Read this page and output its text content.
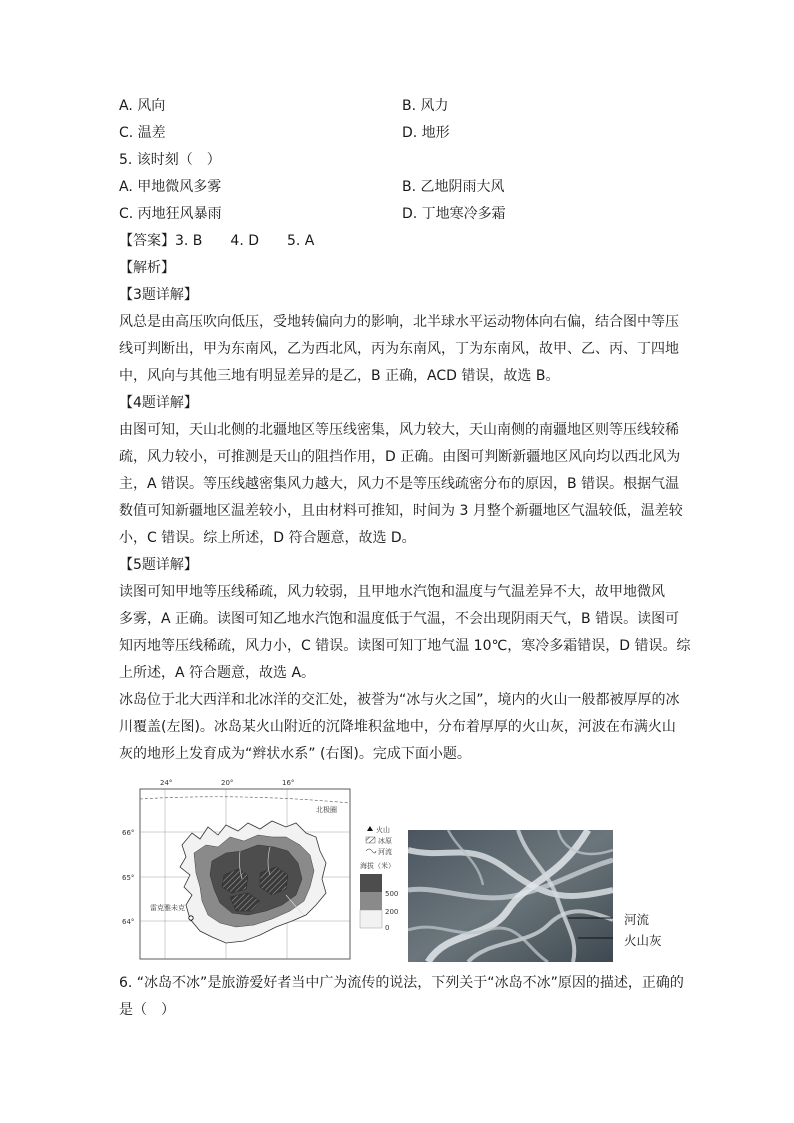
A. 风向	B. 风力
C. 温差	D. 地形
5. 该时刻（　）
A. 甲地微风多雾	B. 乙地阴雨大风
C. 丙地狂风暴雨	D. 丁地寒冷多霜
【答案】3. B　　4. D　　5. A
【解析】
【3题详解】
风总是由高压吹向低压，受地转偏向力的影响，北半球水平运动物体向右偏，结合图中等压
线可判断出，甲为东南风，乙为西北风，丙为东南风，丁为东南风，故甲、乙、丙、丁四地
中，风向与其他三地有明显差异的是乙，B 正确，ACD 错误，故选 B。
【4题详解】
由图可知，天山北侧的北疆地区等压线密集，风力较大，天山南侧的南疆地区则等压线较稀
疏，风力较小，可推测是天山的阻挡作用，D 正确。由图可判断新疆地区风向均以西北风为
主，A 错误。等压线越密集风力越大，风力不是等压线疏密分布的原因，B 错误。根据气温
数值可知新疆地区温差较小，且由材料可推知，时间为 3 月整个新疆地区气温较低，温差较
小，C 错误。综上所述，D 符合题意，故选 D。
【5题详解】
读图可知甲地等压线稀疏，风力较弱，且甲地水汽饱和温度与气温差异不大，故甲地微风
多雾，A 正确。读图可知乙地水汽饱和温度低于气温，不会出现阴雨天气，B 错误。读图可
知丙地等压线稀疏，风力小，C 错误。读图可知丁地气温 10℃，寒冷多霜错误，D 错误。综
上所述，A 符合题意，故选 A。
冰岛位于北大西洋和北冰洋的交汇处，被誉为“冰与火之国”，境内的火山一般都被厚厚的冰
川覆盖(左图)。冰岛某火山附近的沉降堆积盆地中，分布着厚厚的火山灰，河波在布满火山
灰的地形上发育成为“辫状水系” (右图)。完成下面小题。
24°	20°	16°
66°
65°
64°
北极圈
雷克雅未克
火山
冰原
河流
海拔（米）
500
200
0
河流
火山灰
6. “冰岛不冰”是旅游爱好者当中广为流传的说法，下列关于“冰岛不冰”原因的描述，正确的
是（　）
